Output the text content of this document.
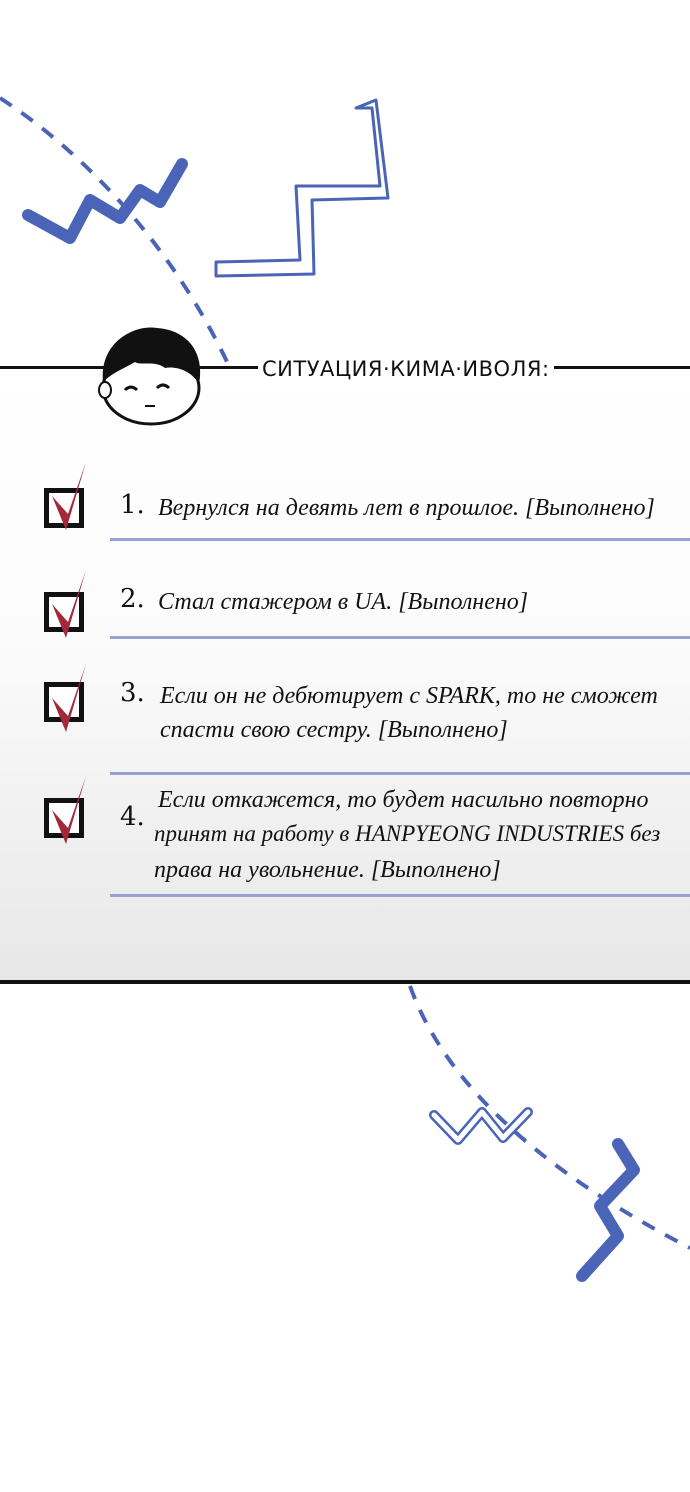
СИТУАЦИЯ·КИМА·ИВОЛЯ:
1. Вернулся на девять лет в прошлое. [Выполнено]
2. Стал стажером в UA. [Выполнено]
3. Если он не дебютирует с SPARK, то не сможет
спасти свою сестру. [Выполнено]
4.
Если откажется, то будет насильно повторно
принят на работу в HANPYEONG INDUSTRIES без
права на увольнение. [Выполнено]
